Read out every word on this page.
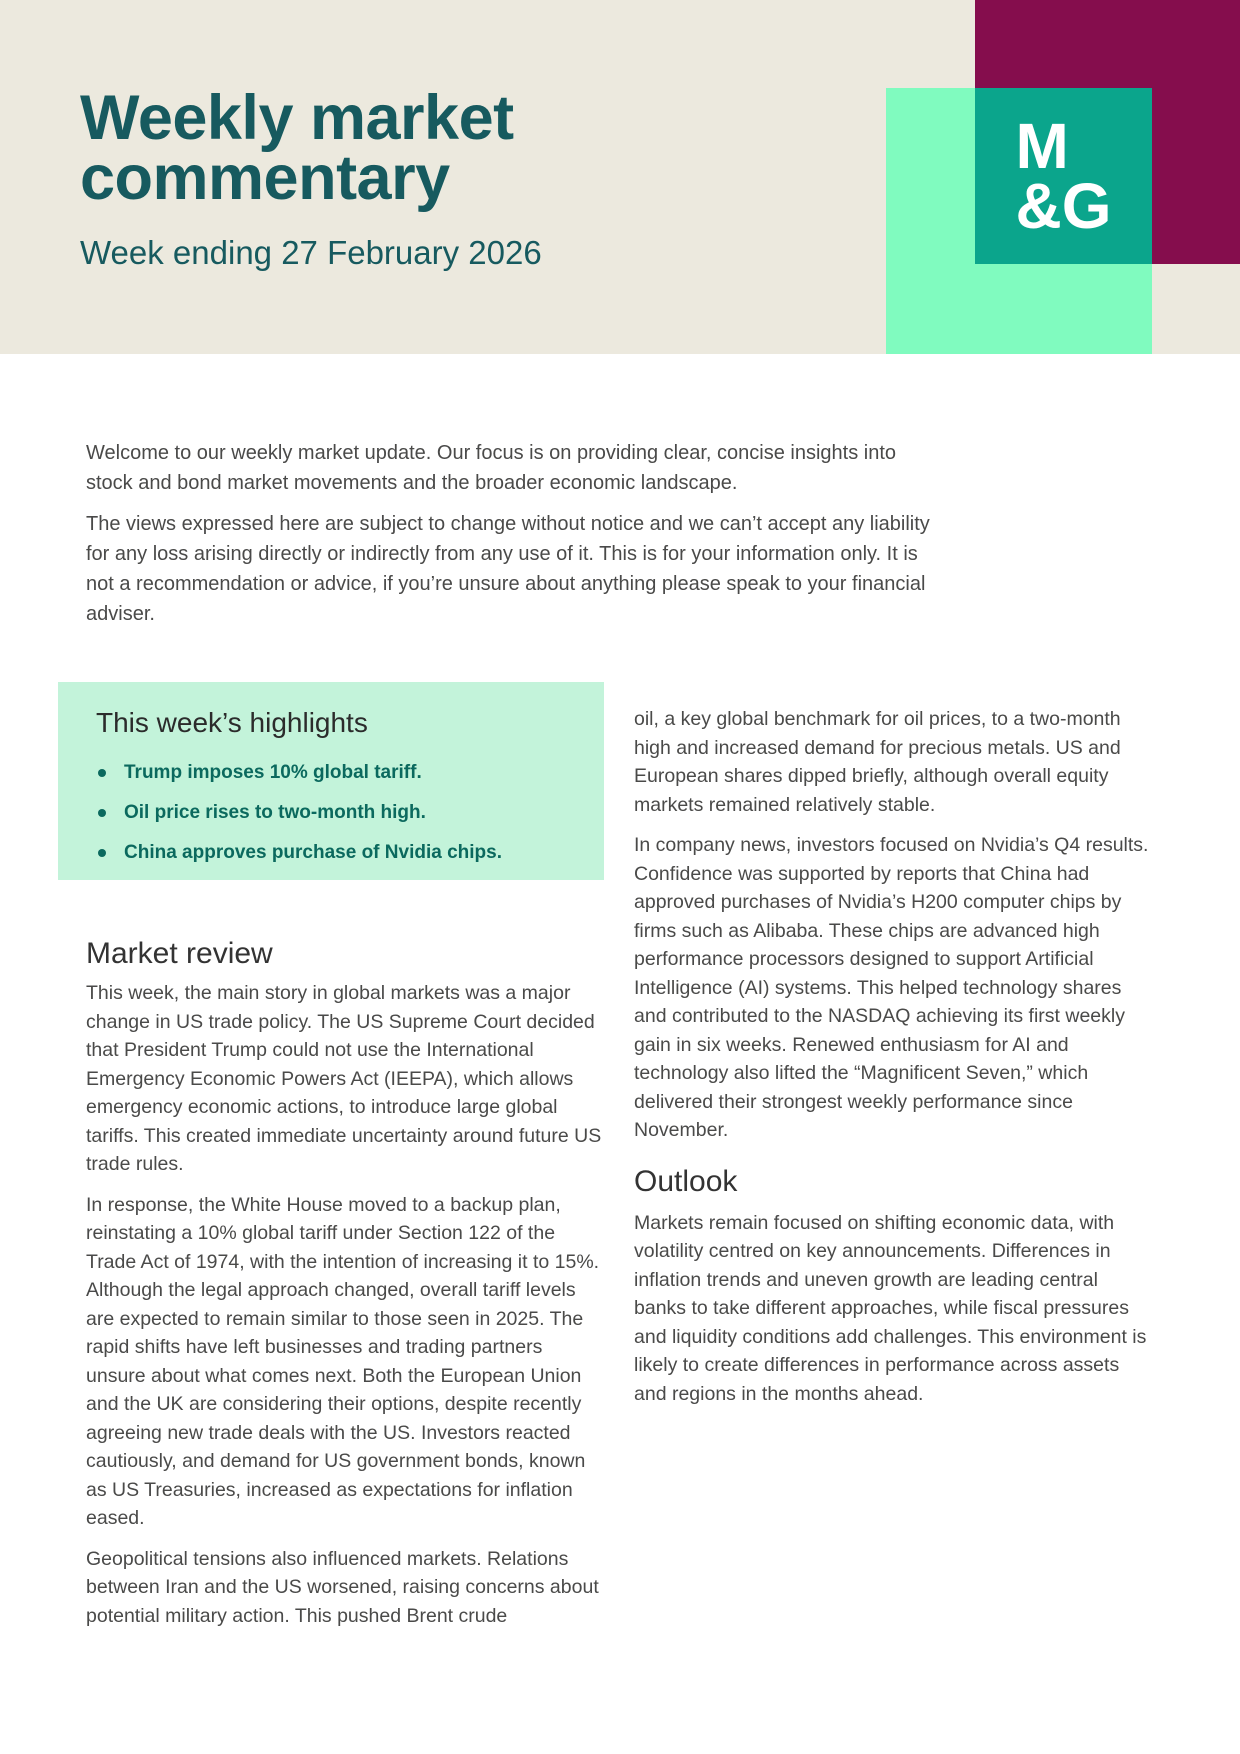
M
&G
Weekly market
commentary
Week ending 27 February 2026

Welcome to our weekly market update. Our focus is on providing clear, concise insights into stock and bond market movements and the broader economic landscape.

The views expressed here are subject to change without notice and we can’t accept any liability for any loss arising directly or indirectly from any use of it. This is for your information only. It is not a recommendation or advice, if you’re unsure about anything please speak to your financial adviser.

This week’s highlights
Trump imposes 10% global tariff.
Oil price rises to two-month high.
China approves purchase of Nvidia chips.
Market review

This week, the main story in global markets was a major change in US trade policy. The US Supreme Court decided that President Trump could not use the International Emergency Economic Powers Act (IEEPA), which allows emergency economic actions, to introduce large global tariffs. This created immediate uncertainty around future US trade rules.

In response, the White House moved to a backup plan, reinstating a 10% global tariff under Section 122 of the Trade Act of 1974, with the intention of increasing it to 15%. Although the legal approach changed, overall tariff levels are expected to remain similar to those seen in 2025. The rapid shifts have left businesses and trading partners unsure about what comes next. Both the European Union and the UK are considering their options, despite recently agreeing new trade deals with the US. Investors reacted cautiously, and demand for US government bonds, known as US Treasuries, increased as expectations for inflation eased.

Geopolitical tensions also influenced markets. Relations between Iran and the US worsened, raising concerns about potential military action. This pushed Brent crude

oil, a key global benchmark for oil prices, to a two-month high and increased demand for precious metals. US and European shares dipped briefly, although overall equity markets remained relatively stable.

In company news, investors focused on Nvidia’s Q4 results. Confidence was supported by reports that China had approved purchases of Nvidia’s H200 computer chips by firms such as Alibaba. These chips are advanced high performance processors designed to support Artificial Intelligence (AI) systems. This helped technology shares and contributed to the NASDAQ achieving its first weekly gain in six weeks. Renewed enthusiasm for AI and technology also lifted the “Magnificent Seven,” which delivered their strongest weekly performance since November.

Outlook

Markets remain focused on shifting economic data, with volatility centred on key announcements. Differences in inflation trends and uneven growth are leading central banks to take different approaches, while fiscal pressures and liquidity conditions add challenges. This environment is likely to create differences in performance across assets and regions in the months ahead.
